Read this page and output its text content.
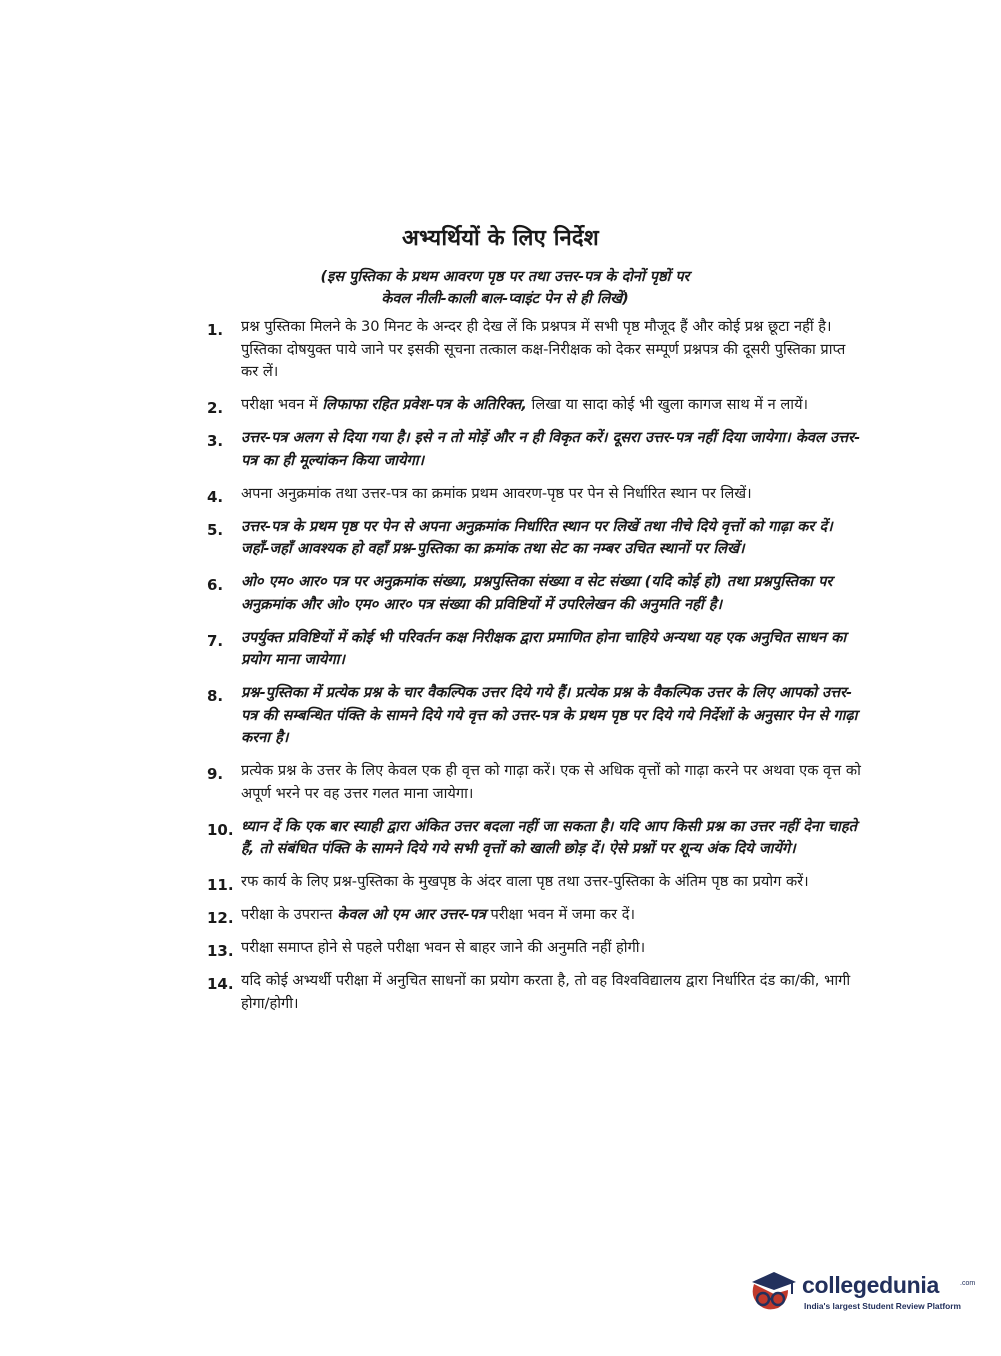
अभ्यर्थियों के लिए निर्देश
(इस पुस्तिका के प्रथम आवरण पृष्ठ पर तथा उत्तर-पत्र के दोनों पृष्ठों पर
केवल नीली-काली बाल-प्वाइंट पेन से ही लिखें)
1. प्रश्न पुस्तिका मिलने के 30 मिनट के अन्दर ही देख लें कि प्रश्नपत्र में सभी पृष्ठ मौजूद हैं और कोई प्रश्न छूटा नहीं है। पुस्तिका दोषयुक्त पाये जाने पर इसकी सूचना तत्काल कक्ष-निरीक्षक को देकर सम्पूर्ण प्रश्नपत्र की दूसरी पुस्तिका प्राप्त कर लें।
2. परीक्षा भवन में लिफाफा रहित प्रवेश-पत्र के अतिरिक्त, लिखा या सादा कोई भी खुला कागज साथ में न लायें।
3. उत्तर-पत्र अलग से दिया गया है। इसे न तो मोड़ें और न ही विकृत करें। दूसरा उत्तर-पत्र नहीं दिया जायेगा। केवल उत्तर-पत्र का ही मूल्यांकन किया जायेगा।
4. अपना अनुक्रमांक तथा उत्तर-पत्र का क्रमांक प्रथम आवरण-पृष्ठ पर पेन से निर्धारित स्थान पर लिखें।
5. उत्तर-पत्र के प्रथम पृष्ठ पर पेन से अपना अनुक्रमांक निर्धारित स्थान पर लिखें तथा नीचे दिये वृत्तों को गाढ़ा कर दें। जहाँ-जहाँ आवश्यक हो वहाँ प्रश्न-पुस्तिका का क्रमांक तथा सेट का नम्बर उचित स्थानों पर लिखें।
6. ओ० एम० आर० पत्र पर अनुक्रमांक संख्या, प्रश्नपुस्तिका संख्या व सेट संख्या (यदि कोई हो) तथा प्रश्नपुस्तिका पर अनुक्रमांक और ओ० एम० आर० पत्र संख्या की प्रविष्टियों में उपरिलेखन की अनुमति नहीं है।
7. उपर्युक्त प्रविष्टियों में कोई भी परिवर्तन कक्ष निरीक्षक द्वारा प्रमाणित होना चाहिये अन्यथा यह एक अनुचित साधन का प्रयोग माना जायेगा।
8. प्रश्न-पुस्तिका में प्रत्येक प्रश्न के चार वैकल्पिक उत्तर दिये गये हैं। प्रत्येक प्रश्न के वैकल्पिक उत्तर के लिए आपको उत्तर-पत्र की सम्बन्धित पंक्ति के सामने दिये गये वृत्त को उत्तर-पत्र के प्रथम पृष्ठ पर दिये गये निर्देशों के अनुसार पेन से गाढ़ा करना है।
9. प्रत्येक प्रश्न के उत्तर के लिए केवल एक ही वृत्त को गाढ़ा करें। एक से अधिक वृत्तों को गाढ़ा करने पर अथवा एक वृत्त को अपूर्ण भरने पर वह उत्तर गलत माना जायेगा।
10. ध्यान दें कि एक बार स्याही द्वारा अंकित उत्तर बदला नहीं जा सकता है। यदि आप किसी प्रश्न का उत्तर नहीं देना चाहते हैं, तो संबंधित पंक्ति के सामने दिये गये सभी वृत्तों को खाली छोड़ दें। ऐसे प्रश्नों पर शून्य अंक दिये जायेंगे।
11. रफ कार्य के लिए प्रश्न-पुस्तिका के मुखपृष्ठ के अंदर वाला पृष्ठ तथा उत्तर-पुस्तिका के अंतिम पृष्ठ का प्रयोग करें।
12. परीक्षा के उपरान्त केवल ओ एम आर उत्तर-पत्र परीक्षा भवन में जमा कर दें।
13. परीक्षा समाप्त होने से पहले परीक्षा भवन से बाहर जाने की अनुमति नहीं होगी।
14. यदि कोई अभ्यर्थी परीक्षा में अनुचित साधनों का प्रयोग करता है, तो वह विश्वविद्यालय द्वारा निर्धारित दंड का/की, भागी होगा/होगी।
collegedunia	.com
India's largest Student Review Platform
